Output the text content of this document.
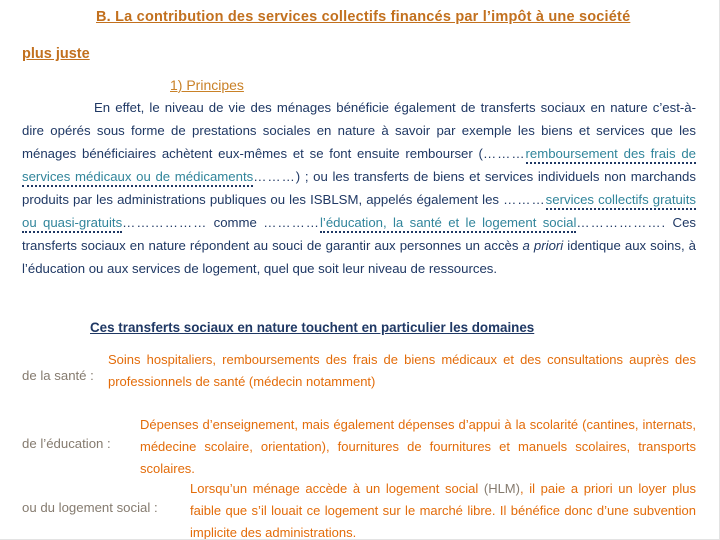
B. La contribution des services collectifs financés par l’impôt à une société
plus juste
1) Principes

En effet, le niveau de vie des ménages bénéficie également de transferts sociaux en nature c’est-à-dire opérés sous forme de prestations sociales en nature à savoir par exemple les biens et services que les ménages bénéficiaires achètent eux-mêmes et se font ensuite rembourser (………remboursement des frais de services médicaux ou de médicaments………) ; ou les transferts de biens et services individuels non marchands produits par les administrations publiques ou les ISBLSM, appelés également les ………services collectifs gratuits ou quasi-gratuits……………… comme …………l’éducation, la santé et le logement social………………. Ces transferts sociaux en nature répondent au souci de garantir aux personnes un accès a priori identique aux soins, à l’éducation ou aux services de logement, quel que soit leur niveau de ressources.

Ces transferts sociaux en nature touchent en particulier les domaines
de la santé :
Soins hospitaliers, remboursements des frais de biens médicaux et des consultations auprès des professionnels de santé (médecin notamment)
de l’éducation :
Dépenses d’enseignement, mais également dépenses d’appui à la scolarité (cantines, internats, médecine scolaire, orientation), fournitures de fournitures et manuels scolaires, transports scolaires.
ou du logement social :
Lorsqu’un ménage accède à un logement social (HLM), il paie a priori un loyer plus faible que s’il louait ce logement sur le marché libre. Il bénéfice donc d’une subvention implicite des administrations.
